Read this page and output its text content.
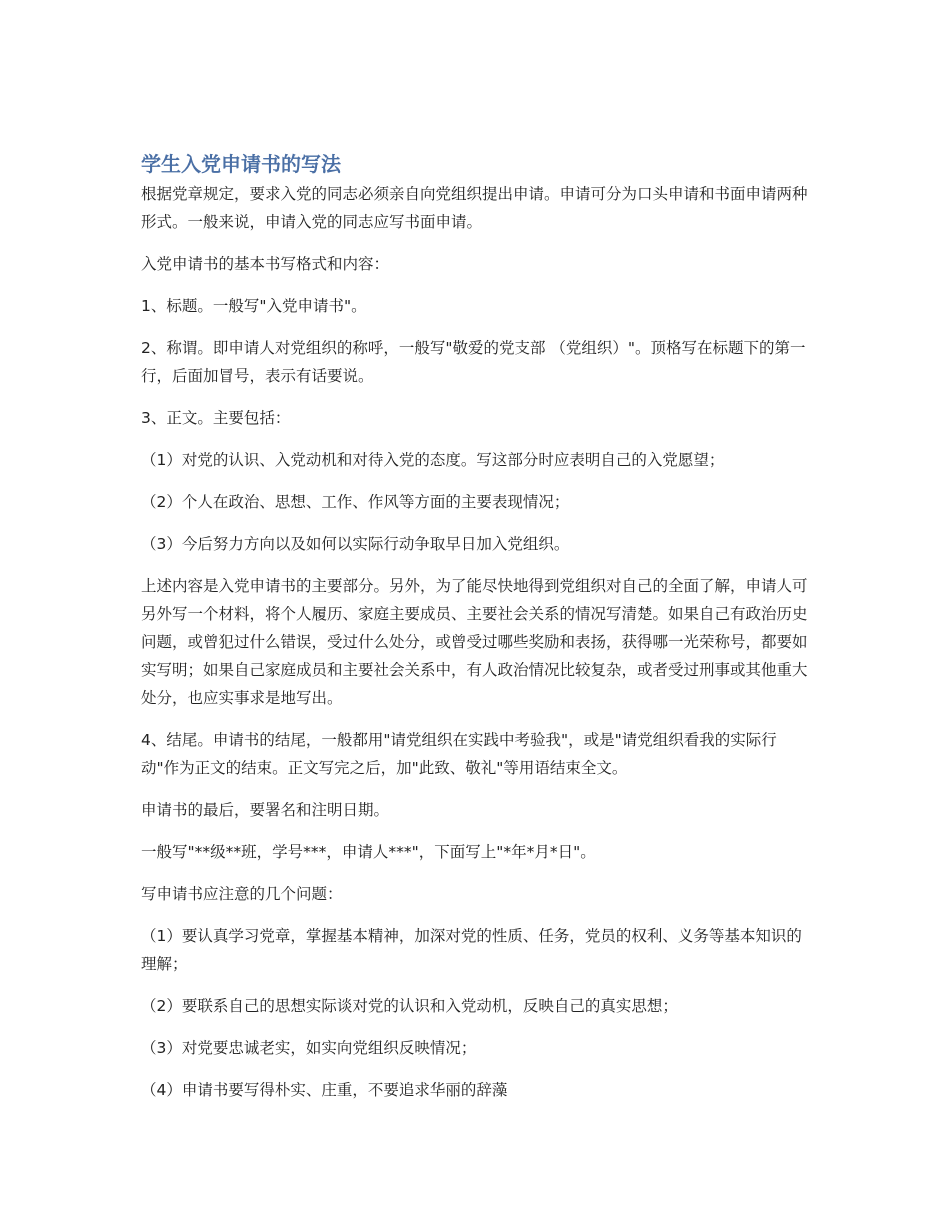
学生入党申请书的写法

根据党章规定，要求入党的同志必须亲自向党组织提出申请。申请可分为口头申请和书面申请两种形式。一般来说，申请入党的同志应写书面申请。

入党申请书的基本书写格式和内容：

1、标题。一般写"入党申请书"。

2、称谓。即申请人对党组织的称呼，一般写"敬爱的党支部 （党组织）"。顶格写在标题下的第一行，后面加冒号，表示有话要说。

3、正文。主要包括：

（1）对党的认识、入党动机和对待入党的态度。写这部分时应表明自己的入党愿望；

（2）个人在政治、思想、工作、作风等方面的主要表现情况；

（3）今后努力方向以及如何以实际行动争取早日加入党组织。

上述内容是入党申请书的主要部分。另外，为了能尽快地得到党组织对自己的全面了解，申请人可另外写一个材料，将个人履历、家庭主要成员、主要社会关系的情况写清楚。如果自己有政治历史问题，或曾犯过什么错误，受过什么处分，或曾受过哪些奖励和表扬，获得哪一光荣称号，都要如实写明；如果自己家庭成员和主要社会关系中，有人政治情况比较复杂，或者受过刑事或其他重大处分，也应实事求是地写出。

4、结尾。申请书的结尾，一般都用"请党组织在实践中考验我"，或是"请党组织看我的实际行动"作为正文的结束。正文写完之后，加"此致、敬礼"等用语结束全文。

申请书的最后，要署名和注明日期。

一般写"**级**班，学号***，申请人***"，下面写上"*年*月*日"。

写申请书应注意的几个问题：

（1）要认真学习党章，掌握基本精神，加深对党的性质、任务，党员的权利、义务等基本知识的理解；

（2）要联系自己的思想实际谈对党的认识和入党动机，反映自己的真实思想；

（3）对党要忠诚老实，如实向党组织反映情况；

（4）申请书要写得朴实、庄重，不要追求华丽的辞藻
